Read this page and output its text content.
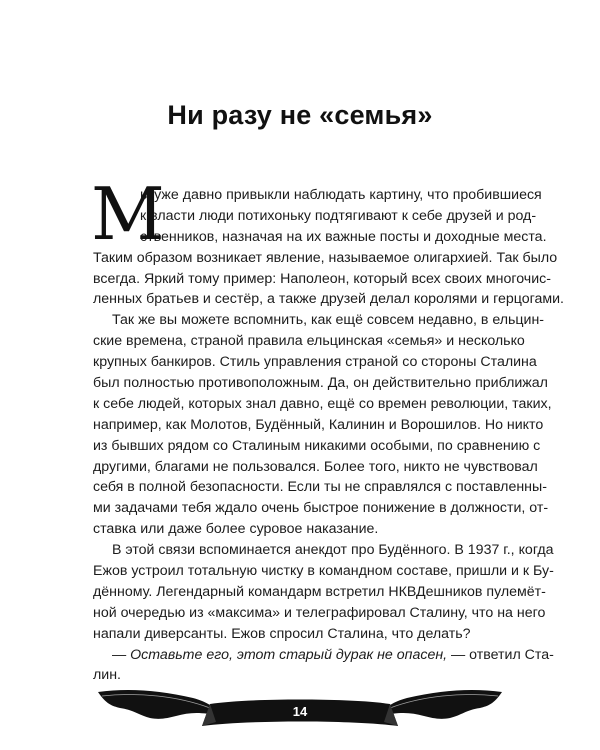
Ни разу не «семья»
М
ы уже давно привыкли наблюдать картину, что пробившиеся
к власти люди потихоньку подтягивают к себе друзей и род-
ственников, назначая на их важные посты и доходные места.
Таким образом возникает явление, называемое олигархией. Так было
всегда. Яркий тому пример: Наполеон, который всех своих многочис-
ленных братьев и сестёр, а также друзей делал королями и герцогами.
Так же вы можете вспомнить, как ещё совсем недавно, в ельцин-
ские времена, страной правила ельцинская «семья» и несколько
крупных банкиров. Стиль управления страной со стороны Сталина
был полностью противоположным. Да, он действительно приближал
к себе людей, которых знал давно, ещё со времен революции, таких,
например, как Молотов, Будённый, Калинин и Ворошилов. Но никто
из бывших рядом со Сталиным никакими особыми, по сравнению с
другими, благами не пользовался. Более того, никто не чувствовал
себя в полной безопасности. Если ты не справлялся с поставленны-
ми задачами тебя ждало очень быстрое понижение в должности, от-
ставка или даже более суровое наказание.
В этой связи вспоминается анекдот про Будённого. В 1937 г., когда
Ежов устроил тотальную чистку в командном составе, пришли и к Бу-
дённому. Легендарный командарм встретил НКВДешников пулемёт-
ной очередью из «максима» и телеграфировал Сталину, что на него
напали диверсанты. Ежов спросил Сталина, что делать?
— Оставьте его, этот старый дурак не опасен, — ответил Ста-
лин.
14
